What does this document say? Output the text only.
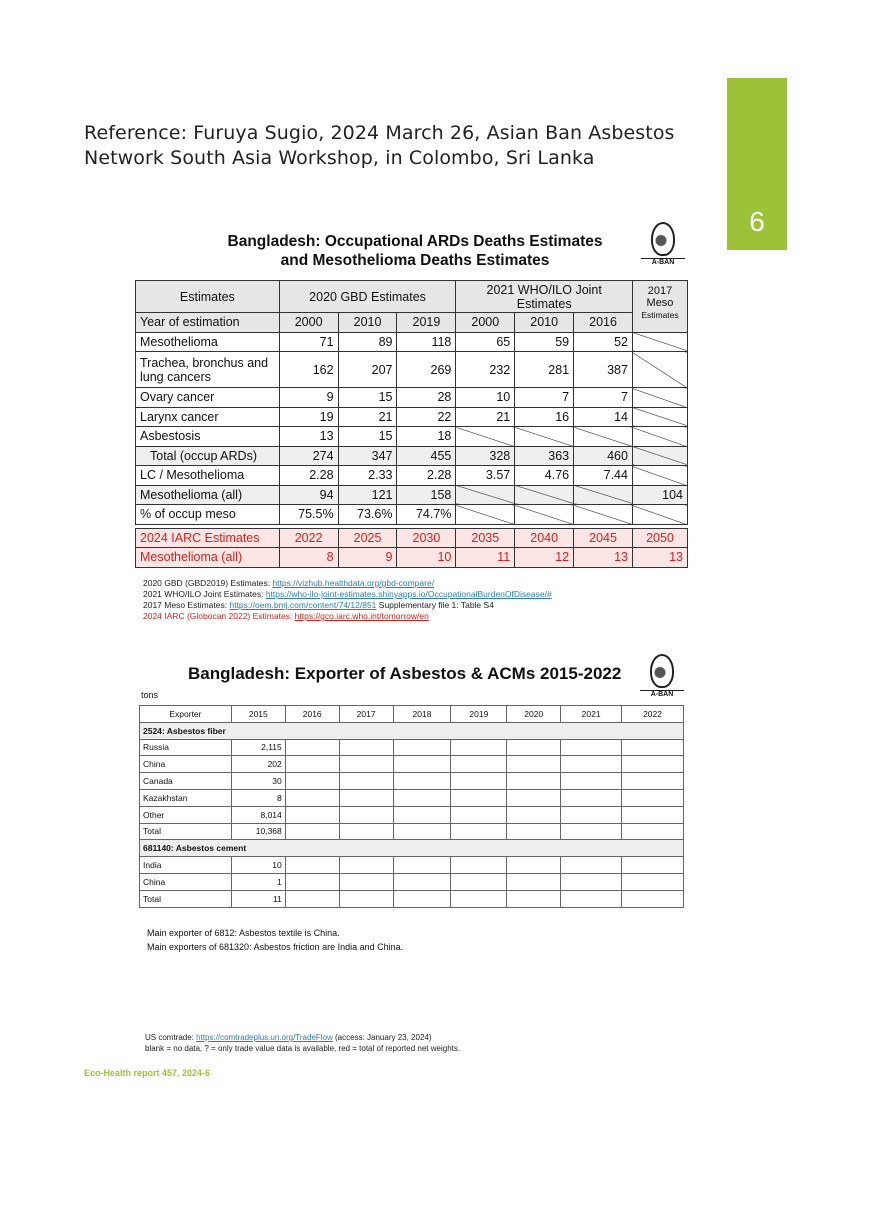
6
Reference: Furuya Sugio, 2024 March 26, Asian Ban Asbestos
Network South Asia Workshop, in Colombo, Sri Lanka
Bangladesh: Occupational ARDs Deaths Estimates
and Mesothelioma Deaths Estimates	A-BAN
Estimates	2020 GBD Estimates			2021 WHO/ILO Joint Estimates			2017 Meso
Estimates

Year of estimation	2000	2010	2019	2000	2010	2016	
Mesothelioma	71	89	118	65	59	52	
Trachea, bronchus and lung cancers	162	207	269	232	281	387	
Ovary cancer	9	15	28	10	7	7	
Larynx cancer	19	21	22	21	16	14	
Asbestosis	13	15	18				
Total (occup ARDs)	274	347	455	328	363	460	
LC / Mesothelioma	2.28	2.33	2.28	3.57	4.76	7.44	
Mesothelioma (all)	94	121	158				104
% of occup meso	75.5%	73.6%	74.7%				

2024 IARC Estimates	2022	2025	2030	2035	2040	2045	2050
Mesothelioma (all)	8	9	10	11	12	13	13
2020 GBD (GBD2019) Estimates: https://vizhub.healthdata.org/gbd-compare/
2021 WHO/ILO Joint Estimates: https://who-ilo-joint-estimates.shinyapps.io/OccupationalBurdenOfDisease/#
2017 Meso Estimates: https://oem.bmj.com/content/74/12/851 Supplementary file 1: Table S4
2024 IARC (Globocan 2022) Estimates: https://gco.iarc.who.int/tomorrow/en
Bangladesh: Exporter of Asbestos & ACMs 2015-2022
A-BAN
tons
Exporter	2015	2016	2017	2018	2019	2020	2021	2022
2524: Asbestos fiber								
Russia	2,115							
China	202							
Canada	30							
Kazakhstan	8							
Other	8,014							
Total	10,368							
681140: Asbestos cement								
India	10							
China	1							
Total	11							
Main exporter of 6812: Asbestos textile is China.
Main exporters of 681320: Asbestos friction are India and China.
US comtrade: https://comtradeplus.un.org/TradeFlow (access: January 23, 2024)
blank = no data, ? = only trade value data is available, red = total of reported net weights.
Eco-Health report 457, 2024-6
